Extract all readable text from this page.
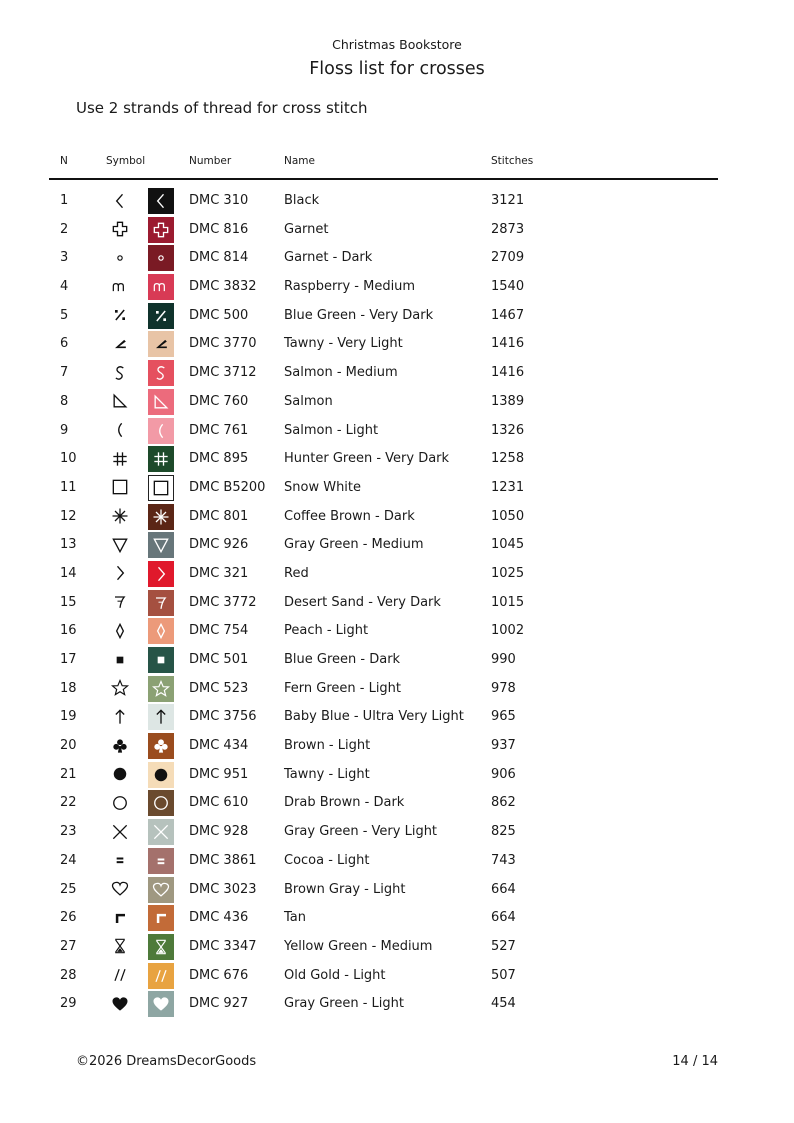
Christmas Bookstore
Floss list for crosses
Use 2 strands of thread for cross stitch
N	Symbol	Number	Name	Stitches
1	DMC 310	Black	3121
2	DMC 816	Garnet	2873
3	DMC 814	Garnet - Dark	2709
4	DMC 3832 Raspberry - Medium	1540
5	DMC 500	Blue Green - Very Dark	1467
6	DMC 3770 Tawny - Very Light	1416
7	DMC 3712 Salmon - Medium	1416
8	DMC 760	Salmon	1389
9	DMC 761	Salmon - Light	1326
10	DMC 895	Hunter Green - Very Dark	1258
11	DMC B5200 Snow White	1231
12	DMC 801	Coffee Brown - Dark	1050
13	DMC 926	Gray Green - Medium	1045
14	DMC 321	Red	1025
15	DMC 3772 Desert Sand - Very Dark	1015
16	DMC 754	Peach - Light	1002
17	DMC 501	Blue Green - Dark	990
18	DMC 523	Fern Green - Light	978
19	DMC 3756 Baby Blue - Ultra Very Light 965
20	DMC 434	Brown - Light	937
21	DMC 951	Tawny - Light	906
22	DMC 610	Drab Brown - Dark	862
23	DMC 928	Gray Green - Very Light	825
24	DMC 3861 Cocoa - Light	743
25	DMC 3023 Brown Gray - Light	664
26	DMC 436	Tan	664
27	DMC 3347 Yellow Green - Medium	527
28	DMC 676	Old Gold - Light	507
29	DMC 927	Gray Green - Light	454
©2026 DreamsDecorGoods	14 / 14
